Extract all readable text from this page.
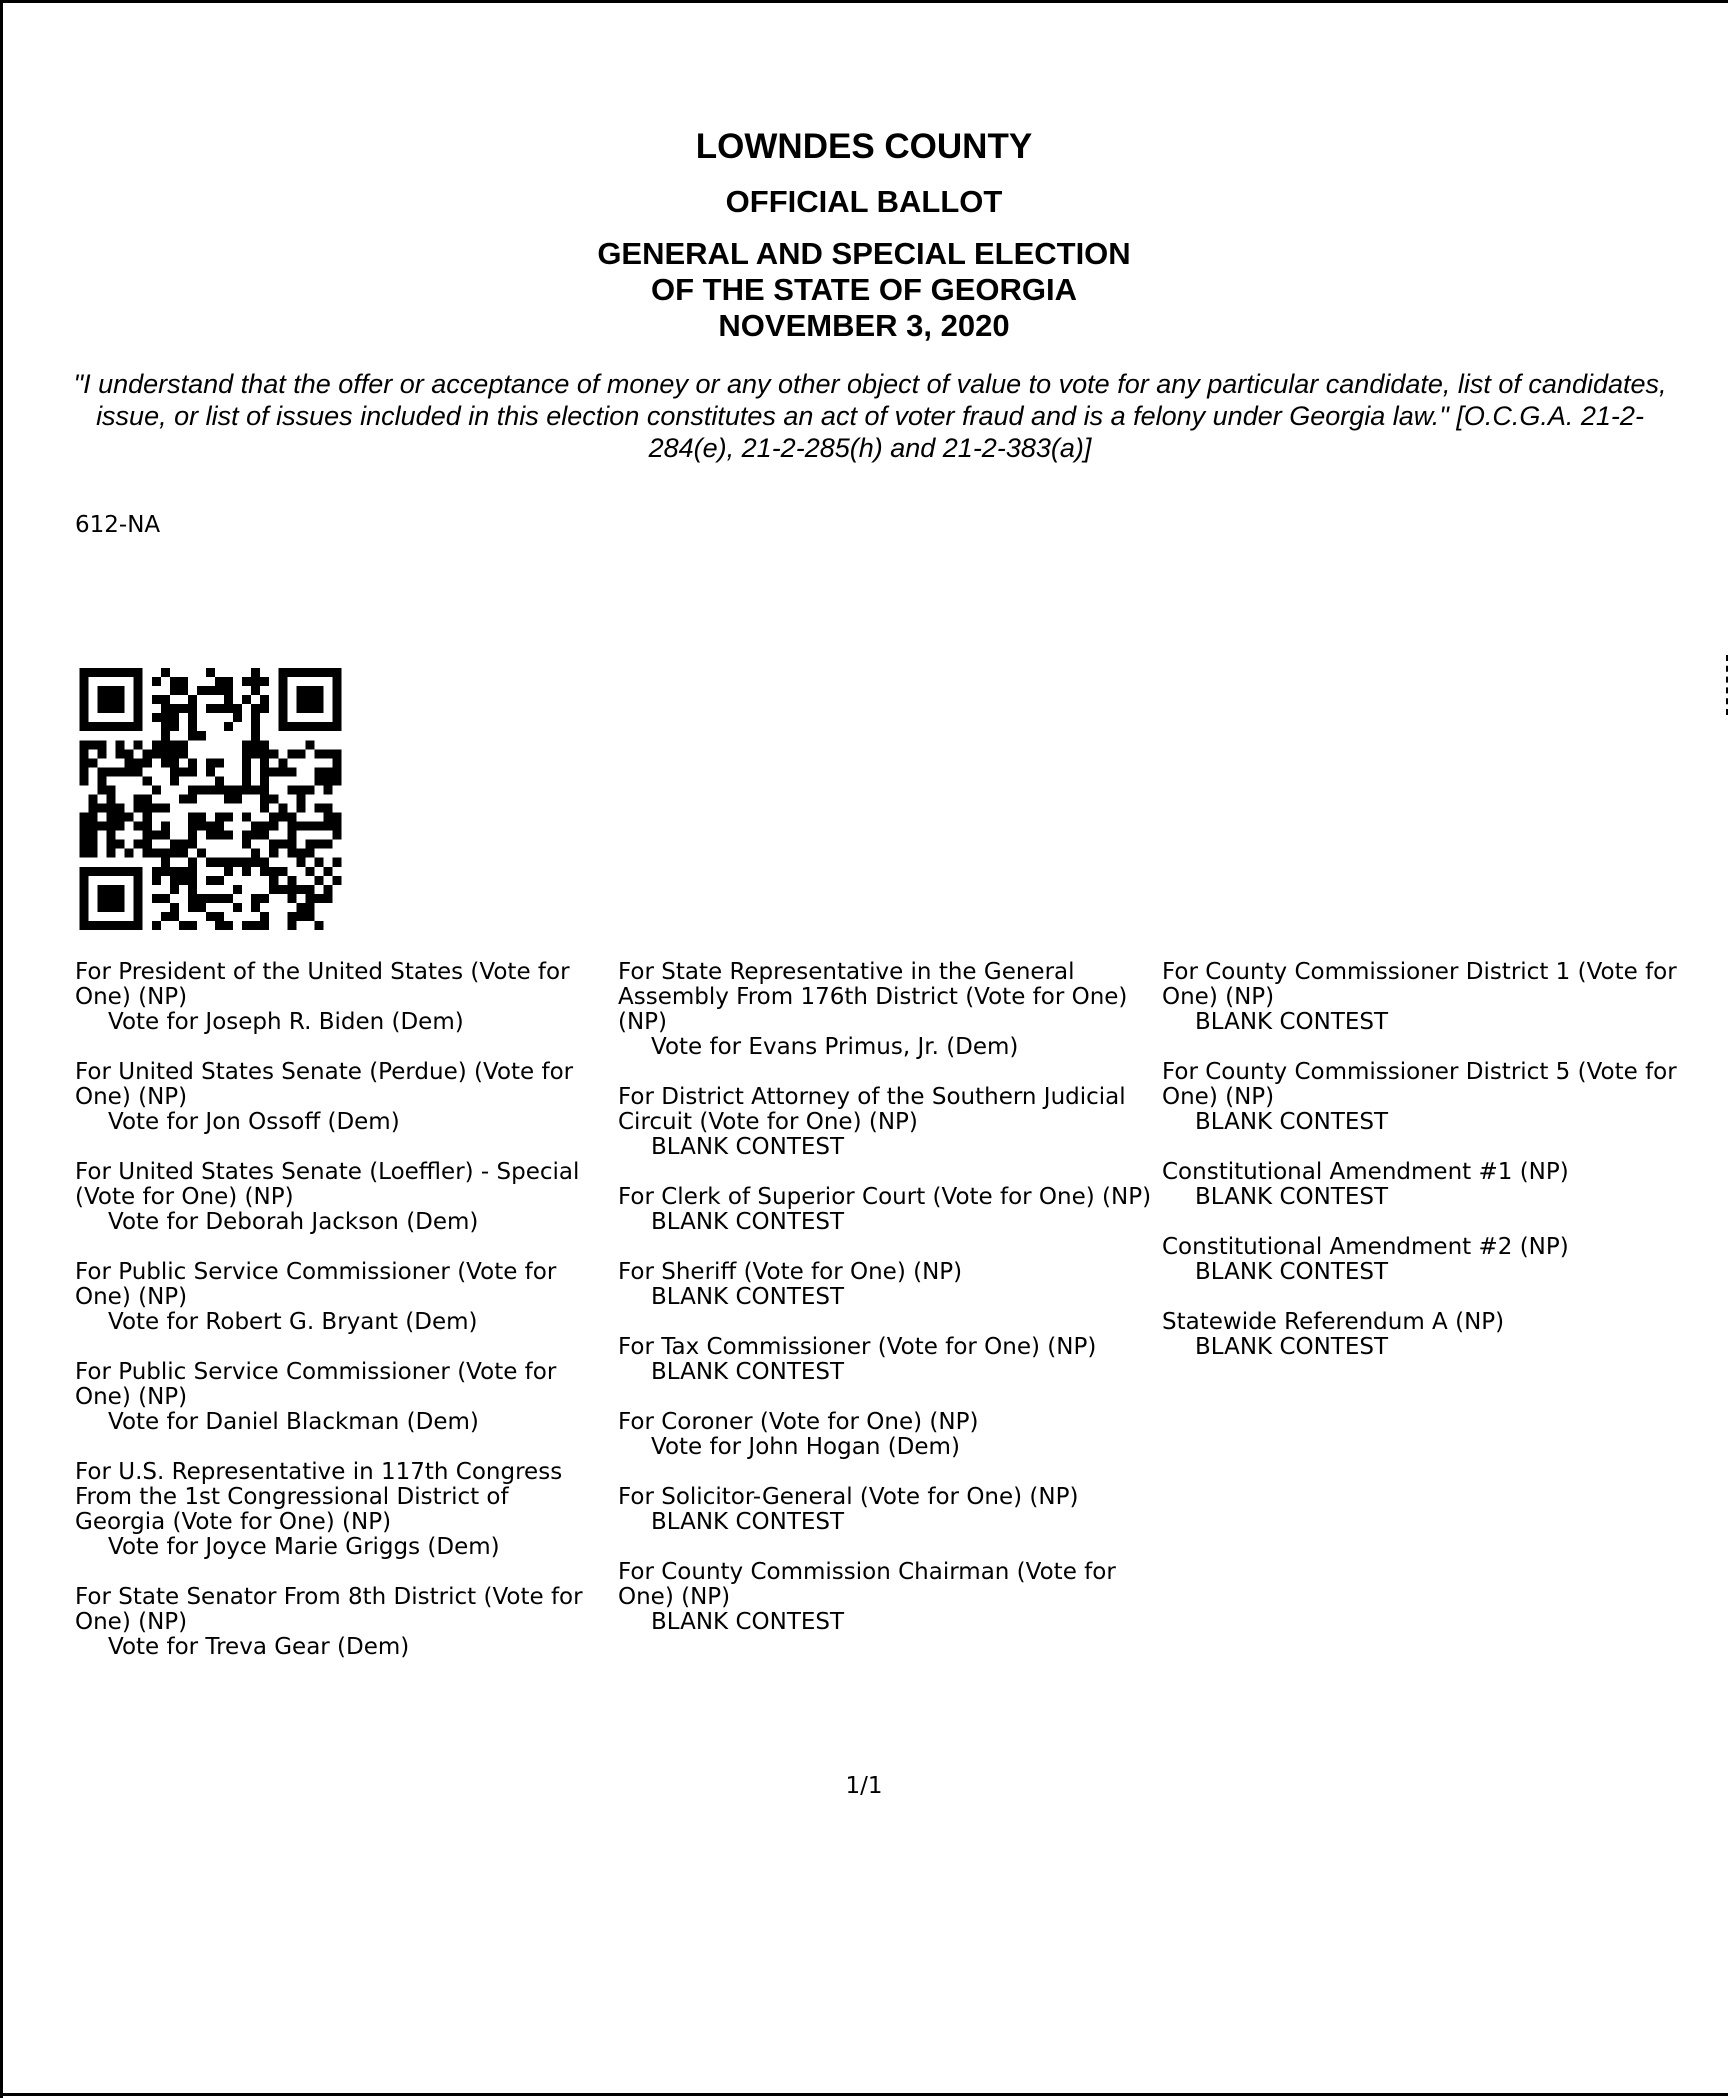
LOWNDES COUNTY
OFFICIAL BALLOT
GENERAL AND SPECIAL ELECTION
OF THE STATE OF GEORGIA
NOVEMBER 3, 2020
"I understand that the offer or acceptance of money or any other object of value to vote for any particular candidate, list of candidates, issue, or list of issues included in this election constitutes an act of voter fraud and is a felony under Georgia law." [O.C.G.A. 21-2-284(e), 21-2-285(h) and 21-2-383(a)]
612-NA
For President of the United States (Vote for One) (NP)
Vote for Joseph R. Biden (Dem)
For United States Senate (Perdue) (Vote for One) (NP)
Vote for Jon Ossoff (Dem)
For United States Senate (Loeffler) - Special (Vote for One) (NP)
Vote for Deborah Jackson (Dem)
For Public Service Commissioner (Vote for One) (NP)
Vote for Robert G. Bryant (Dem)
For Public Service Commissioner (Vote for One) (NP)
Vote for Daniel Blackman (Dem)
For U.S. Representative in 117th Congress From the 1st Congressional District of Georgia (Vote for One) (NP)
Vote for Joyce Marie Griggs (Dem)
For State Senator From 8th District (Vote for One) (NP)
Vote for Treva Gear (Dem)
For State Representative in the General Assembly From 176th District (Vote for One) (NP)
Vote for Evans Primus, Jr. (Dem)
For District Attorney of the Southern Judicial Circuit (Vote for One) (NP)
BLANK CONTEST
For Clerk of Superior Court (Vote for One) (NP)
BLANK CONTEST
For Sheriff (Vote for One) (NP)
BLANK CONTEST
For Tax Commissioner (Vote for One) (NP)
BLANK CONTEST
For Coroner (Vote for One) (NP)
Vote for John Hogan (Dem)
For Solicitor-General (Vote for One) (NP)
BLANK CONTEST
For County Commission Chairman (Vote for One) (NP)
BLANK CONTEST
For County Commissioner District 1 (Vote for One) (NP)
BLANK CONTEST
For County Commissioner District 5 (Vote for One) (NP)
BLANK CONTEST
Constitutional Amendment #1 (NP)
BLANK CONTEST
Constitutional Amendment #2 (NP)
BLANK CONTEST
Statewide Referendum A (NP)
BLANK CONTEST
1/1
